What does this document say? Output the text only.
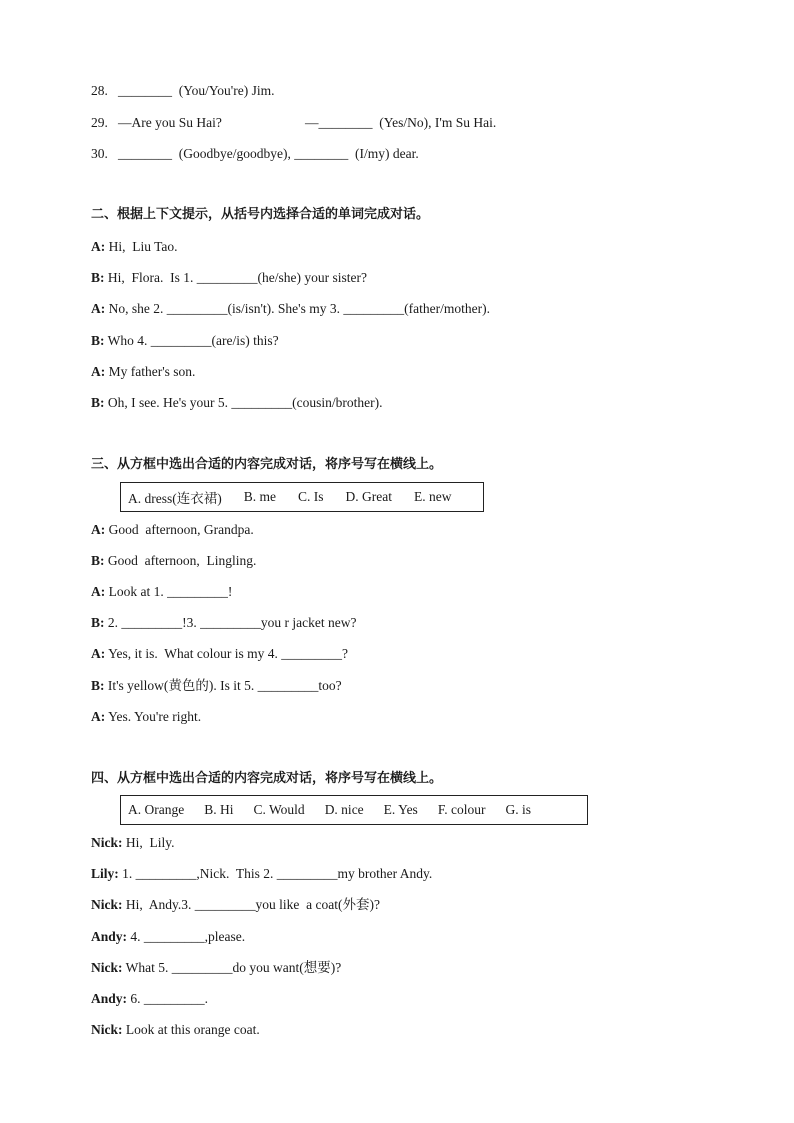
28.   ________  (You/You're) Jim.
29.   —Are you Su Hai?	—________  (Yes/No), I'm Su Hai.
30.   ________  (Goodbye/goodbye), ________  (I/my) dear.
二、根据上下文提示，从括号内选择合适的单词完成对话。
A: Hi,  Liu Tao.
B: Hi,  Flora.  Is 1. _________(he/she) your sister?
A: No, she 2. _________(is/isn't). She's my 3. _________(father/mother).
B: Who 4. _________(are/is) this?
A: My father's son.
B: Oh, I see. He's your 5. _________(cousin/brother).
三、从方框中选出合适的内容完成对话，将序号写在横线上。
A. dress(连衣裙) B. me C. Is D. Great E. new
A: Good  afternoon, Grandpa.
B: Good  afternoon,  Lingling.
A: Look at 1. _________!
B: 2. _________!3. _________you r jacket new?
A: Yes, it is.  What colour is my 4. _________?
B: It's yellow(黄色的). Is it 5. _________too?
A: Yes. You're right.
四、从方框中选出合适的内容完成对话，将序号写在横线上。
A. Orange B. Hi C. Would D. nice E. Yes F. colour G. is
Nick: Hi,  Lily.
Lily: 1. _________,Nick.  This 2. _________my brother Andy.
Nick: Hi,  Andy.3. _________you like  a coat(外套)?
Andy: 4. _________,please.
Nick: What 5. _________do you want(想要)?
Andy: 6. _________.
Nick: Look at this orange coat.
